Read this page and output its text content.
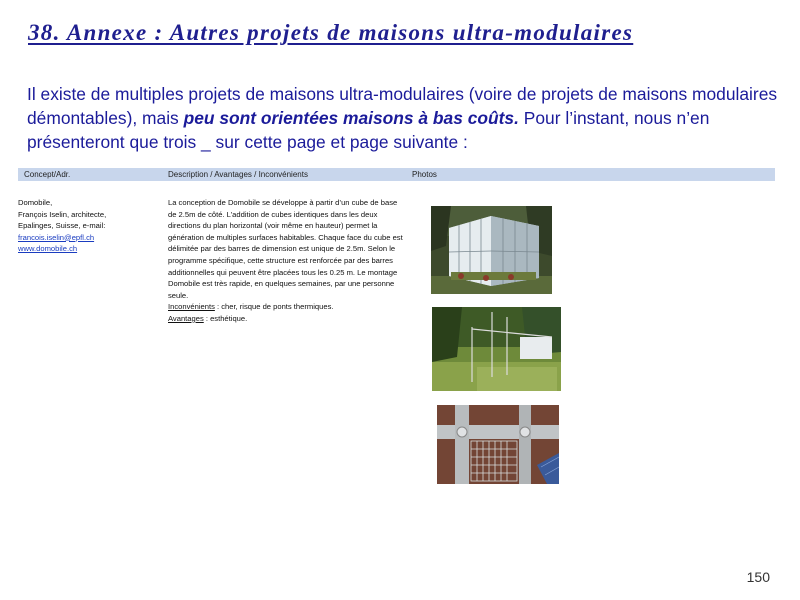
38. Annexe : Autres projets de maisons ultra-modulaires
Il existe de multiples projets de maisons ultra-modulaires (voire de projets de maisons modulaires démontables), mais peu sont orientées maisons à bas coûts. Pour l’instant, nous n’en présenteront que trois _ sur cette page et page suivante :
Concept/Adr.	Description / Avantages / Inconvénients	Photos
Domobile,
François Iselin, architecte,
Epalinges, Suisse, e-mail:
francois.iselin@epfl.ch
www.domobile.ch
La conception de Domobile se développe à partir d’un cube de base de 2.5m de côté. L’addition de cubes identiques dans les deux directions du plan horizontal (voir même en hauteur) permet la génération de multiples surfaces habitables. Chaque face du cube est délimitée par des barres de dimension est unique de 2.5m. Selon le programme spécifique, cette structure est renforcée par des barres additionnelles qui peuvent être placées tous les 0.25 m. Le montage Domobile est très rapide, en quelques semaines, par une personne seule.
Inconvénients : cher, risque de ponts thermiques.
Avantages : esthétique.
150
